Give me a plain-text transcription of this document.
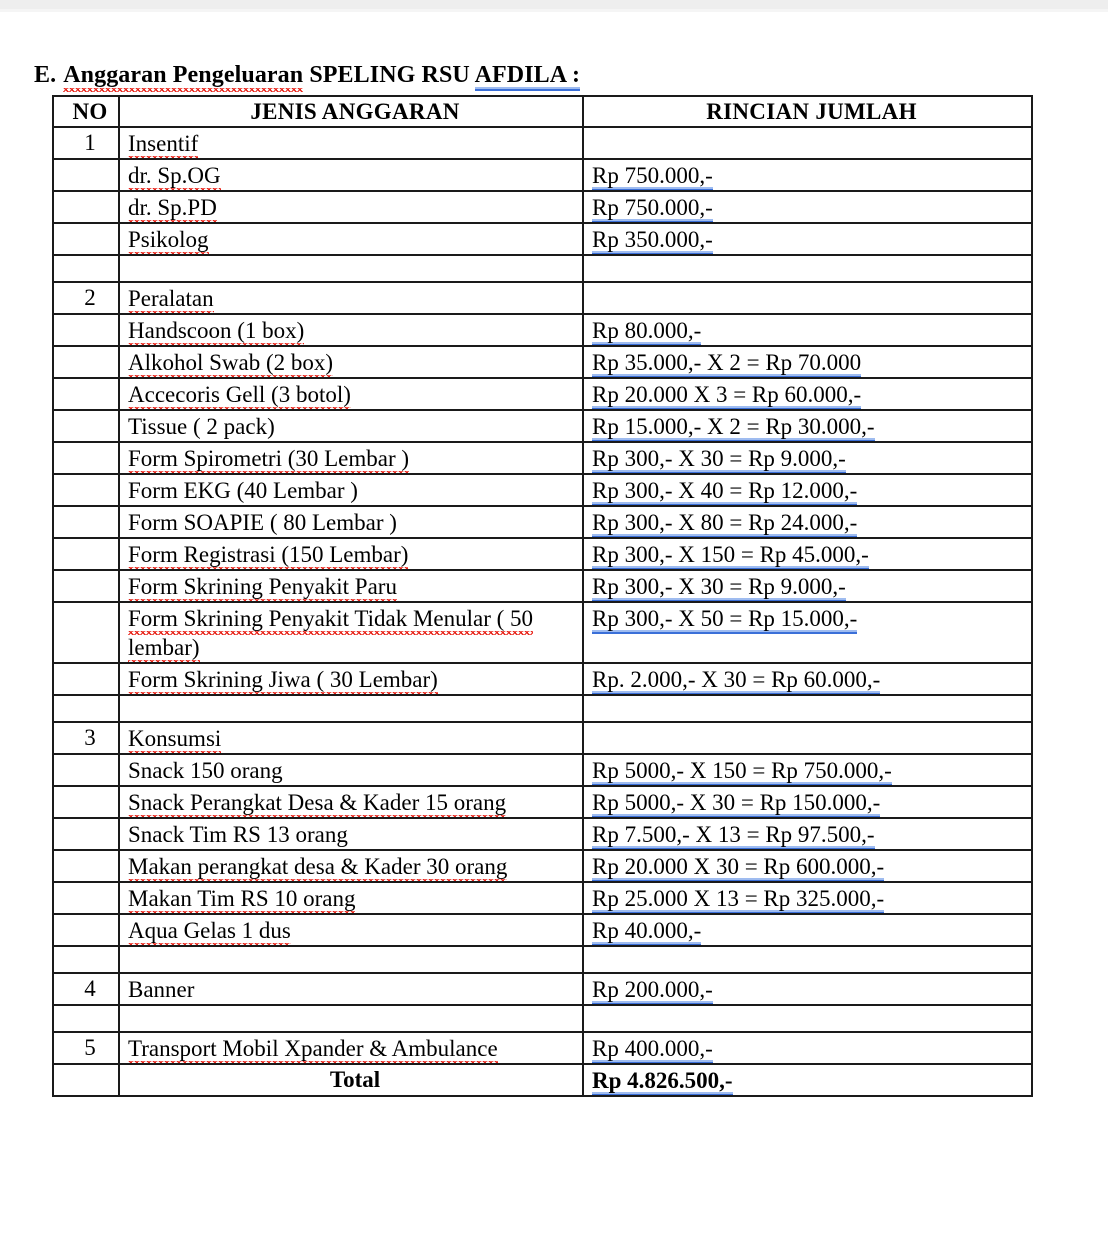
E. Anggaran Pengeluaran SPELING RSU AFDILA :
NO	JENIS ANGGARAN	RINCIAN JUMLAH
1	Insentif	

	dr. Sp.OG	Rp 750.000,-

	dr. Sp.PD	Rp 750.000,-

	Psikolog	Rp 350.000,-

2	Peralatan	

	Handscoon (1 box)	Rp 80.000,-

	Alkohol Swab (2 box)	Rp 35.000,- X 2 = Rp 70.000

	Accecoris Gell (3 botol)	Rp 20.000 X 3 = Rp 60.000,-

	Tissue ( 2 pack)	Rp 15.000,- X 2 = Rp 30.000,-

	Form Spirometri (30 Lembar )	Rp 300,- X 30 = Rp 9.000,-

	Form EKG (40 Lembar )	Rp 300,- X 40 = Rp 12.000,-

	Form SOAPIE ( 80 Lembar )	Rp 300,- X 80 = Rp 24.000,-

	Form Registrasi (150 Lembar)	Rp 300,- X 150 = Rp 45.000,-

	Form Skrining Penyakit Paru	Rp 300,- X 30 = Rp 9.000,-

	Form Skrining Penyakit Tidak Menular ( 50 lembar)	Rp 300,- X 50 = Rp 15.000,-

	Form Skrining Jiwa ( 30 Lembar)	Rp. 2.000,- X 30 = Rp 60.000,-

3	Konsumsi	

	Snack 150 orang	Rp 5000,- X 150 = Rp 750.000,-

	Snack Perangkat Desa & Kader 15 orang	Rp 5000,- X 30 = Rp 150.000,-

	Snack Tim RS 13 orang	Rp 7.500,- X 13 = Rp 97.500,-

	Makan perangkat desa & Kader 30 orang	Rp 20.000 X 30 = Rp 600.000,-

	Makan Tim RS 10 orang	Rp 25.000 X 13 = Rp 325.000,-

	Aqua Gelas 1 dus	Rp 40.000,-

4	Banner	Rp 200.000,-

5	Transport Mobil Xpander & Ambulance	Rp 400.000,-

	Total	Rp 4.826.500,-
